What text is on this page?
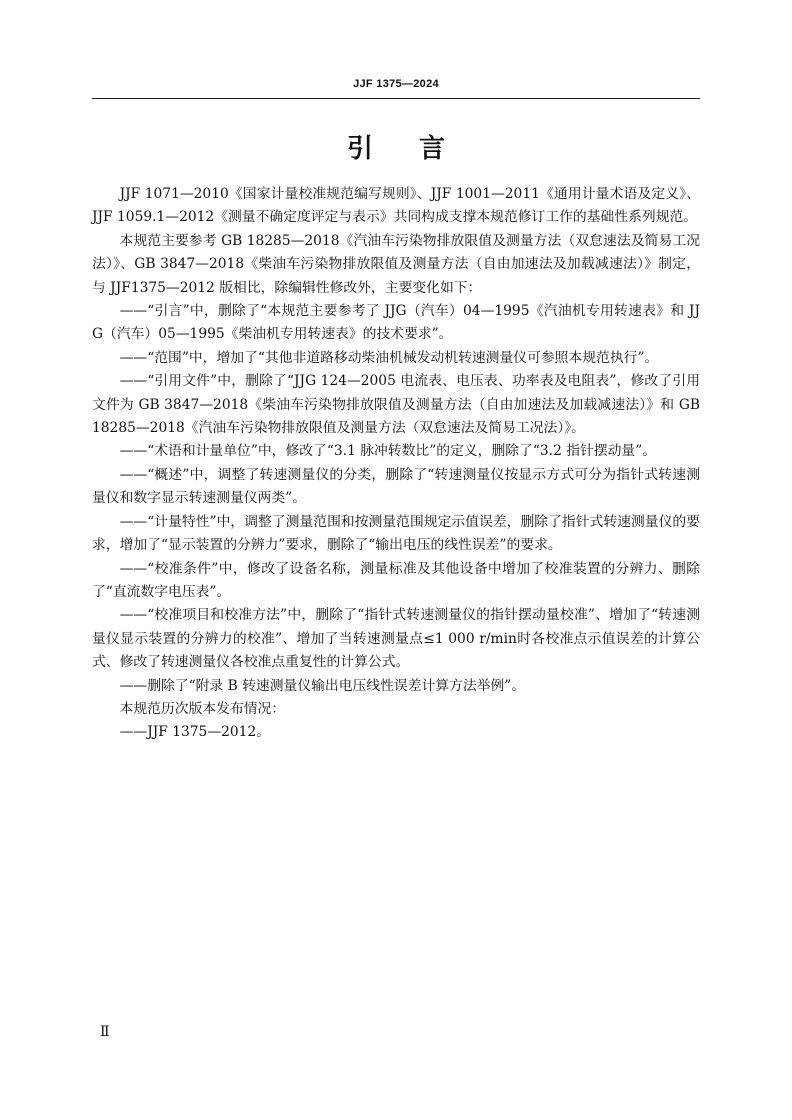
JJF 1375—2024
引言

JJF 1071—2010《国家计量校准规范编写规则》、JJF 1001—2011《通用计量术语及定义》、JJF 1059.1—2012《测量不确定度评定与表示》共同构成支撑本规范修订工作的基础性系列规范。

本规范主要参考 GB 18285—2018《汽油车污染物排放限值及测量方法（双怠速法及简易工况法）》、GB 3847—2018《柴油车污染物排放限值及测量方法（自由加速法及加载减速法）》制定，与 JJF1375—2012 版相比，除编辑性修改外，主要变化如下：

——“引言”中，删除了“本规范主要参考了 JJG（汽车）04—1995《汽油机专用转速表》和 JJG（汽车）05—1995《柴油机专用转速表》的技术要求”。

——“范围”中，增加了“其他非道路移动柴油机械发动机转速测量仪可参照本规范执行”。

——“引用文件”中，删除了“JJG 124—2005 电流表、电压表、功率表及电阻表”，修改了引用文件为 GB 3847—2018《柴油车污染物排放限值及测量方法（自由加速法及加载减速法）》和 GB 18285—2018《汽油车污染物排放限值及测量方法（双怠速法及简易工况法）》。

——“术语和计量单位”中，修改了“3.1 脉冲转数比”的定义，删除了“3.2 指针摆动量”。

——“概述”中，调整了转速测量仪的分类，删除了“转速测量仪按显示方式可分为指针式转速测量仪和数字显示转速测量仪两类”。

——“计量特性”中，调整了测量范围和按测量范围规定示值误差，删除了指针式转速测量仪的要求，增加了“显示装置的分辨力”要求，删除了“输出电压的线性误差”的要求。

——“校准条件”中，修改了设备名称，测量标准及其他设备中增加了校准装置的分辨力、删除了“直流数字电压表”。

——“校准项目和校准方法”中，删除了“指针式转速测量仪的指针摆动量校准”、增加了“转速测量仪显示装置的分辨力的校准”、增加了当转速测量点≤1 000 r/min时各校准点示值误差的计算公式、修改了转速测量仪各校准点重复性的计算公式。

——删除了“附录 B 转速测量仪输出电压线性误差计算方法举例”。

本规范历次版本发布情况：

——JJF 1375—2012。

Ⅱ
